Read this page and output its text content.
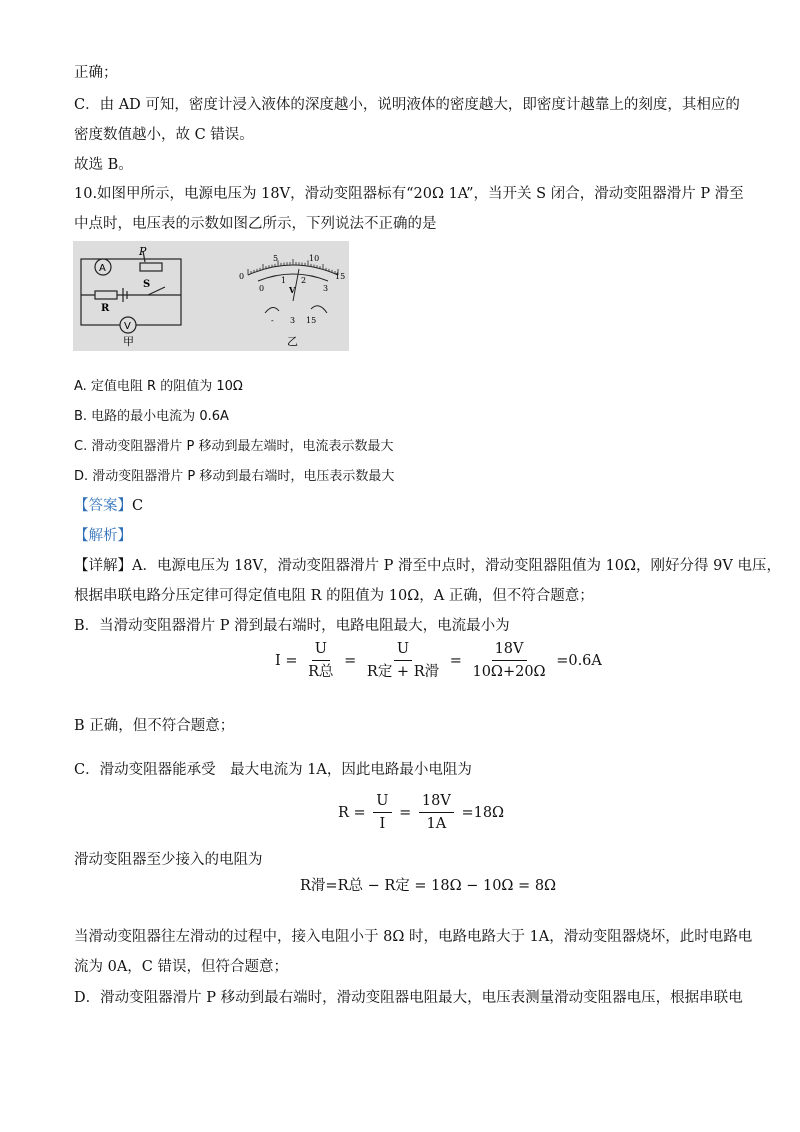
正确；
C．由 AD 可知，密度计浸入液体的深度越小，说明液体的密度越大，即密度计越靠上的刻度，其相应的
密度数值越小，故 C 错误。
故选 B。
10.如图甲所示，电源电压为 18V，滑动变阻器标有“20Ω 1A”，当开关 S 闭合，滑动变阻器滑片 P 滑至
中点时，电压表的示数如图乙所示，下列说法不正确的是
A
P
R
S
V
甲
0
5	10
15
0
1 2
3
V
- 3 15
乙
A. 定值电阻 R 的阻值为 10Ω
B. 电路的最小电流为 0.6A
C. 滑动变阻器滑片 P 移动到最左端时，电流表示数最大
D. 滑动变阻器滑片 P 移动到最右端时，电压表示数最大
【答案】C
【解析】
【详解】A．电源电压为 18V，滑动变阻器滑片 P 滑至中点时，滑动变阻器阻值为 10Ω，刚好分得 9V 电压，
根据串联电路分压定律可得定值电阻 R 的阻值为 10Ω，A 正确，但不符合题意；
B．当滑动变阻器滑片 P 滑到最右端时，电路电阻最大，电流最小为
$I = \frac{U}{\text{R总}} = \frac{U}{\text{R定 + R滑}} = \frac{18V}{10\Omega+20\Omega} =0.6A$
B 正确，但不符合题意；
C．滑动变阻器能承受　最大电流为 1A，因此电路最小电阻为
$R = \frac{U}{I} = \frac{18V}{1A} =18\Omega$
滑动变阻器至少接入的电阻为
R滑=R总 − R定 = 18Ω − 10Ω = 8Ω
当滑动变阻器往左滑动的过程中，接入电阻小于 8Ω 时，电路电路大于 1A，滑动变阻器烧坏，此时电路电
流为 0A，C 错误，但符合题意；
D．滑动变阻器滑片 P 移动到最右端时，滑动变阻器电阻最大，电压表测量滑动变阻器电压，根据串联电
